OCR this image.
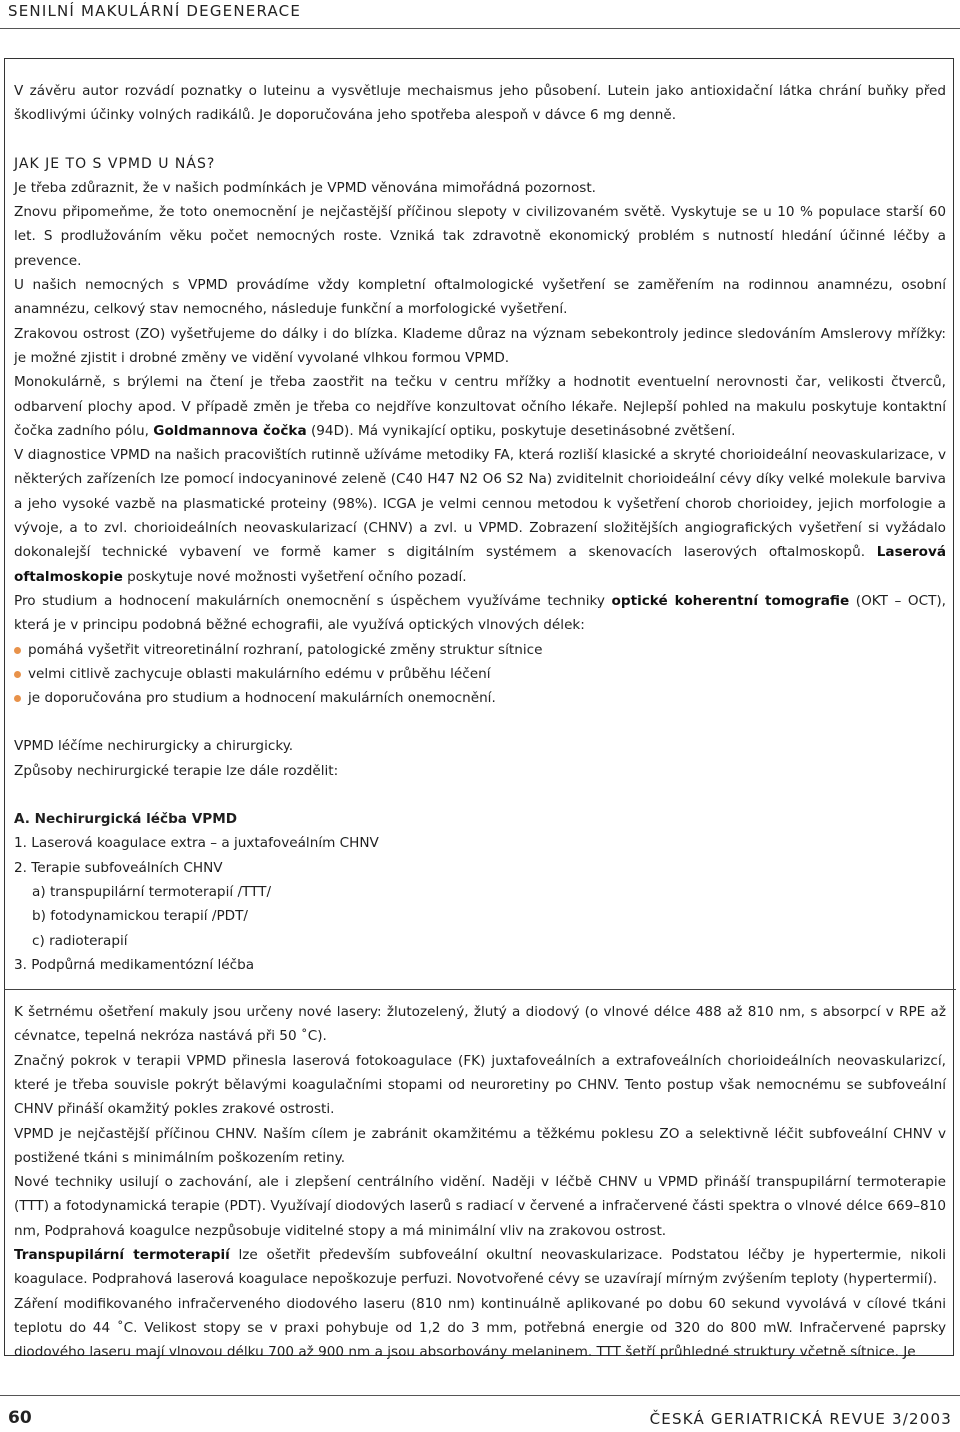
SENILNÍ MAKULÁRNÍ DEGENERACE

V závěru autor rozvádí poznatky o luteinu a vysvětluje mechaismus jeho působení. Lutein jako antioxidační látka chrání buňky před škodlivými účinky volných radikálů. Je doporučována jeho spotřeba alespoň v dávce 6 mg denně.

JAK JE TO S VPMD U NÁS?

Je třeba zdůraznit, že v našich podmínkách je VPMD věnována mimořádná pozornost.

Znovu připomeňme, že toto onemocnění je nejčastější příčinou slepoty v civilizovaném světě. Vyskytuje se u 10 % populace starší 60 let. S prodlužováním věku počet nemocných roste. Vzniká tak zdravotně ekonomický problém s nutností hledání účinné léčby a prevence.

U našich nemocných s VPMD provádíme vždy kompletní oftalmologické vyšetření se zaměřením na rodinnou anamnézu, osobní anamnézu, celkový stav nemocného, následuje funkční a morfologické vyšetření.

Zrakovou ostrost (ZO) vyšetřujeme do dálky i do blízka. Klademe důraz na význam sebekontroly jedince sledováním Amslerovy mřížky: je možné zjistit i drobné změny ve vidění vyvolané vlhkou formou VPMD.

Monokulárně, s brýlemi na čtení je třeba zaostřit na tečku v centru mřížky a hodnotit eventuelní nerovnosti čar, velikosti čtverců, odbarvení plochy apod. V případě změn je třeba co nejdříve konzultovat očního lékaře. Nejlepší pohled na makulu poskytuje kontaktní čočka zadního pólu, Goldmannova čočka (94D). Má vynikající optiku, poskytuje desetinásobné zvětšení.

V diagnostice VPMD na našich pracovištích rutinně užíváme metodiky FA, která rozliší klasické a skryté chorioideální neovaskularizace, v některých zařízeních lze pomocí indocyaninové zeleně (C40 H47 N2 O6 S2 Na) zviditelnit chorioideální cévy díky velké molekule barviva a jeho vysoké vazbě na plasmatické proteiny (98%). ICGA je velmi cennou metodou k vyšetření chorob chorioidey, jejich morfologie a vývoje, a to zvl. chorioideálních neovaskularizací (CHNV) a zvl. u VPMD. Zobrazení složitějších angiografických vyšetření si vyžádalo dokonalejší technické vybavení ve formě kamer s digitálním systémem a skenovacích laserových oftalmoskopů. Laserová oftalmoskopie poskytuje nové možnosti vyšetření očního pozadí.

Pro studium a hodnocení makulárních onemocnění s úspěchem využíváme techniky optické koherentní tomografie (OKT – OCT), která je v principu podobná běžné echografii, ale využívá optických vlnových délek:

pomáhá vyšetřit vitreoretinální rozhraní, patologické změny struktur sítnice
velmi citlivě zachycuje oblasti makulárního edému v průběhu léčení
je doporučována pro studium a hodnocení makulárních onemocnění.

VPMD léčíme nechirurgicky a chirurgicky.

Způsoby nechirurgické terapie lze dále rozdělit:

A. Nechirurgická léčba VPMD

1. Laserová koagulace extra – a juxtafoveálním CHNV

2. Terapie subfoveálních CHNV

a) transpupilární termoterapií /TTT/

b) fotodynamickou terapií /PDT/

c) radioterapií

3. Podpůrná medikamentózní léčba

K šetrnému ošetření makuly jsou určeny nové lasery: žlutozelený, žlutý a diodový (o vlnové délce 488 až 810 nm, s absorpcí v RPE až cévnatce, tepelná nekróza nastává při 50 ˚C).

Značný pokrok v terapii VPMD přinesla laserová fotokoagulace (FK) juxtafoveálních a extrafoveálních chorioideálních neovaskularizcí, které je třeba souvisle pokrýt bělavými koagulačními stopami od neuroretiny po CHNV. Tento postup však nemocnému se subfoveální CHNV přináší okamžitý pokles zrakové ostrosti.

VPMD je nejčastější příčinou CHNV. Naším cílem je zabránit okamžitému a těžkému poklesu ZO a selektivně léčit subfoveální CHNV v postižené tkáni s minimálním poškozením retiny.

Nové techniky usilují o zachování, ale i zlepšení centrálního vidění. Naději v léčbě CHNV u VPMD přináší transpupilární termoterapie (TTT) a fotodynamická terapie (PDT). Využívají diodových laserů s radiací v červené a infračervené části spektra o vlnové délce 669–810 nm, Podprahová koagulce nezpůsobuje viditelné stopy a má minimální vliv na zrakovou ostrost.

Transpupilární termoterapií lze ošetřit především subfoveální okultní neovaskularizace. Podstatou léčby je hypertermie, nikoli koagulace. Podprahová laserová koagulace nepoškozuje perfuzi. Novotvořené cévy se uzavírají mírným zvýšením teploty (hypertermií).

Záření modifikovaného infračerveného diodového laseru (810 nm) kontinuálně aplikované po dobu 60 sekund vyvolává v cílové tkáni teplotu do 44 ˚C. Velikost stopy se v praxi pohybuje od 1,2 do 3 mm, potřebná energie od 320 do 800 mW. Infračervené paprsky diodového laseru mají vlnovou délku 700 až 900 nm a jsou absorbovány melaninem. TTT šetří průhledné struktury včetně sítnice. Je

60	ČESKÁ GERIATRICKÁ REVUE 3/2003
